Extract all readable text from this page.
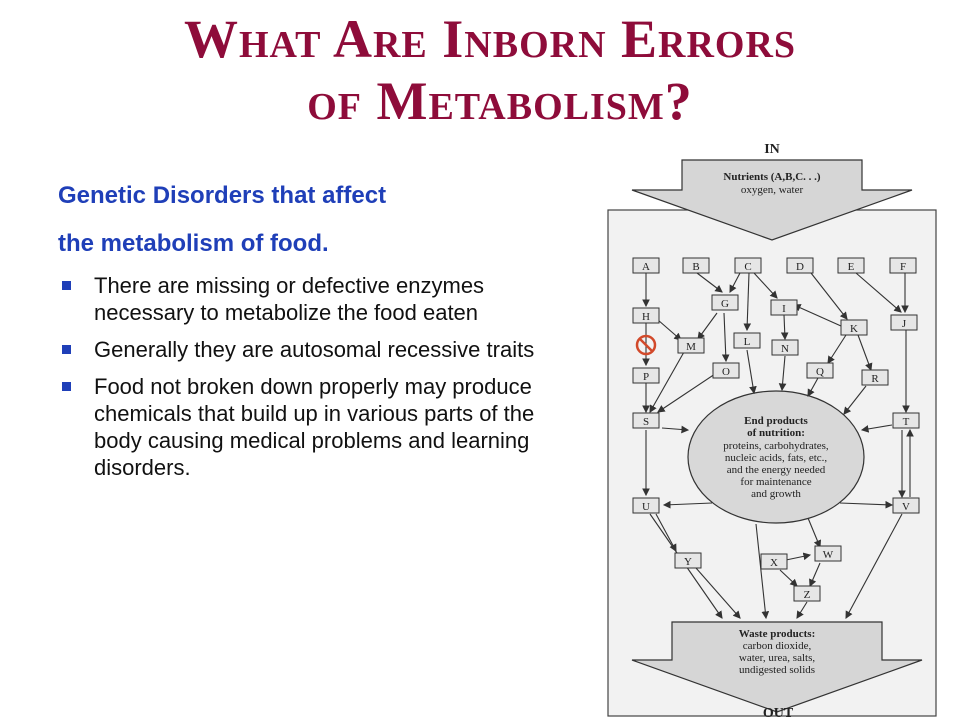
What Are Inborn Errors
of Metabolism?
Genetic Disorders that affect
the metabolism of food.
There are missing or defective enzymes necessary to metabolize the food eaten
Generally they are autosomal recessive traits
Food not broken down properly may produce chemicals that build up in various parts of the body causing medical problems and learning disorders.
IN
Nutrients (A,B,C. . .)
oxygen, water
End products
of nutrition:
proteins, carbohydrates,
nucleic acids, fats, etc.,
and the energy needed
for maintenance
and growth
Waste products:
carbon dioxide,
water, urea, salts,
undigested solids
OUT
A	B	C	D	E	F
G
H
I
J
K
L
M	N
O
P	Q
R
S	T
U	V
W
X
Y
Z
